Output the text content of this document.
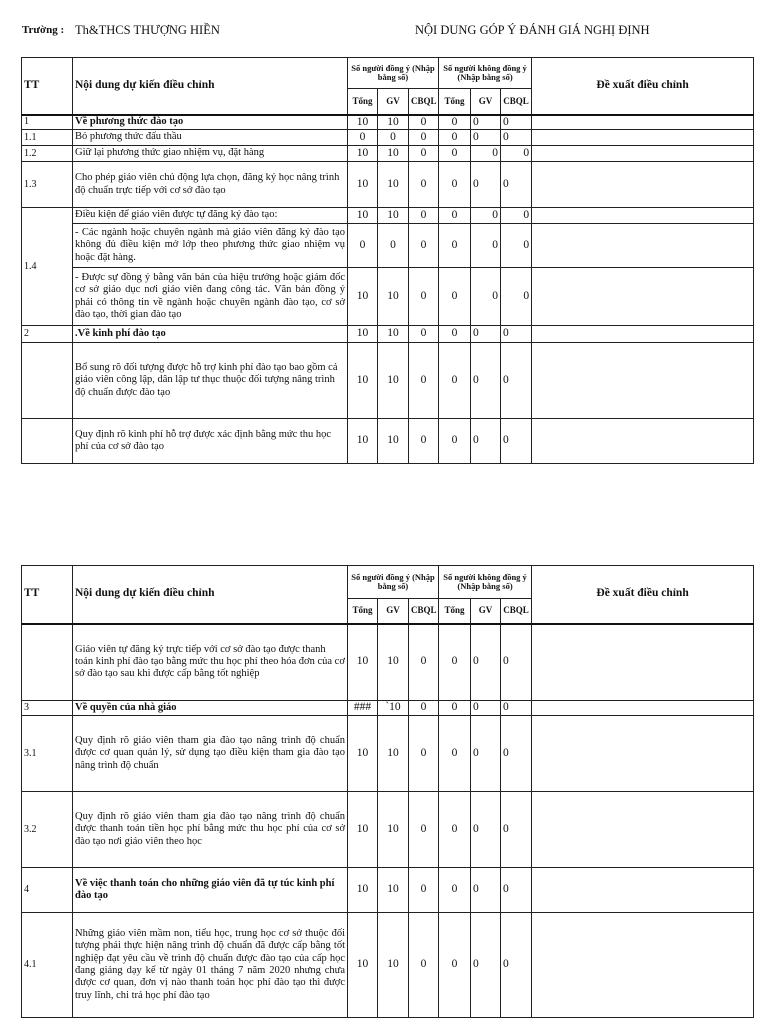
Trường : Th&THCS THƯỢNG HIỀN	NỘI DUNG GÓP Ý ĐÁNH GIÁ NGHỊ ĐỊNH
TT	Nội dung dự kiến điều chỉnh	Số người đồng ý (Nhập bằng số)			Số người không đồng ý (Nhập bằng số)			Đề xuất điều chỉnh
		Tổng	GV	CBQL	Tổng	GV	CBQL	
1	Về phương thức đào tạo	10	10	0	0	0	0	
1.1	Bỏ phương thức đấu thầu	0	0	0	0	0	0	
1.2	Giữ lại phương thức giao nhiệm vụ, đặt hàng	10	10	0	0	0	0	
1.3	Cho phép giáo viên chủ động lựa chọn, đăng ký học nâng trình độ chuẩn trực tiếp với cơ sở đào tạo	10	10	0	0	0	0	
1.4	Điều kiện để giáo viên được tự đăng ký đào tạo:	10	10	0	0	0	0	
	- Các ngành hoặc chuyên ngành mà giáo viên đăng ký đào tạo không đủ điều kiện mở lớp theo phương thức giao nhiệm vụ hoặc đặt hàng.	0	0	0	0	0	0	
	- Được sự đồng ý bằng văn bản của hiệu trưởng hoặc giám đốc cơ sở giáo dục nơi giáo viên đang công tác. Văn bản đồng ý phải có thông tin về ngành hoặc chuyên ngành đào tạo, cơ sở đào tạo, thời gian đào tạo	10	10	0	0	0	0	
2	.Về kinh phí đào tạo	10	10	0	0	0	0	
	Bổ sung rõ đối tượng được hỗ trợ kinh phí đào tạo bao gồm cả giáo viên công lập, dân lập tư thục thuộc đối tượng nâng trình độ chuẩn được đào tạo	10	10	0	0	0	0	
	Quy định rõ kinh phí hỗ trợ được xác định bằng mức thu học phí của cơ sở đào tạo	10	10	0	0	0	0	
TT	Nội dung dự kiến điều chỉnh	Số người đồng ý (Nhập bằng số)			Số người không đồng ý (Nhập bằng số)			Đề xuất điều chỉnh
		Tổng	GV	CBQL	Tổng	GV	CBQL	
	Giáo viên tự đăng ký trực tiếp với cơ sở đào tạo được thanh toán kinh phí đào tạo bằng mức thu học phí theo hóa đơn của cơ sở đào tạo sau khi được cấp bằng tốt nghiệp	10	10	0	0	0	0	
3	Về quyền của nhà giáo	###	`10	0	0	0	0	
3.1	Quy định rõ giáo viên tham gia đào tạo nâng trình độ chuẩn được cơ quan quản lý, sử dụng tạo điều kiện tham gia đào tạo nâng trình độ chuẩn	10	10	0	0	0	0	
3.2	Quy định rõ giáo viên tham gia đào tạo nâng trình độ chuẩn được thanh toán tiền học phí bằng mức thu học phí của cơ sở đào tạo nơi giáo viên theo học	10	10	0	0	0	0	
4	Về việc thanh toán cho những giáo viên đã tự túc kinh phí đào tạo	10	10	0	0	0	0	
4.1	Những giáo viên mầm non, tiểu học, trung học cơ sở thuộc đối tượng phải thực hiện nâng trình độ chuẩn đã được cấp bằng tốt nghiệp đạt yêu cầu về trình độ chuẩn được đào tạo của cấp học đang giảng dạy kể từ ngày 01 tháng 7 năm 2020 nhưng chưa được cơ quan, đơn vị nào thanh toán học phí đào tạo thì được truy lĩnh, chi trả học phí đào tạo	10	10	0	0	0	0	
